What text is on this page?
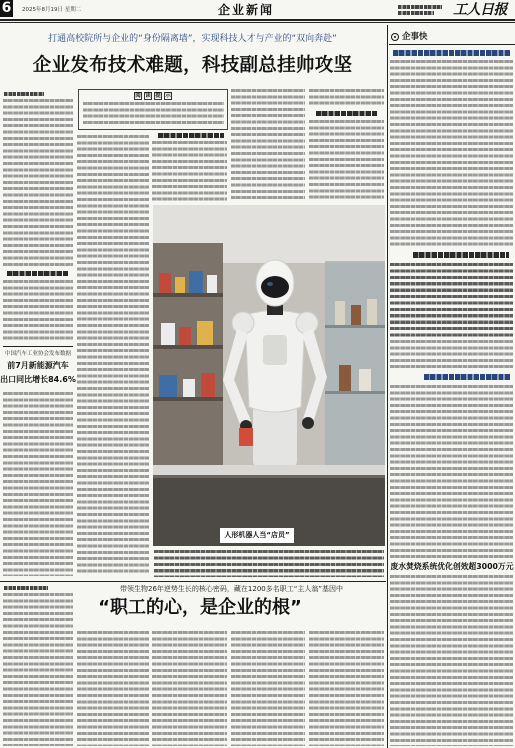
6 2025年8月19日 星期二	企业新闻	工人日报
打通高校院所与企业的“身份隔离墙”，实现科技人才与产业的“双向奔赴”
企业发布技术难题，科技副总挂帅攻坚
阅 读 提 示
中国汽车工业协会发布数据
前7月新能源汽车
出口同比增长84.6%
人形机器人当“店员”
带领生物26年逆势生长的核心密码，藏在1200多名职工“主人翁”基因中
“职工的心，是企业的根”
企事快
废水焚烧系统优化创效超3000万元
